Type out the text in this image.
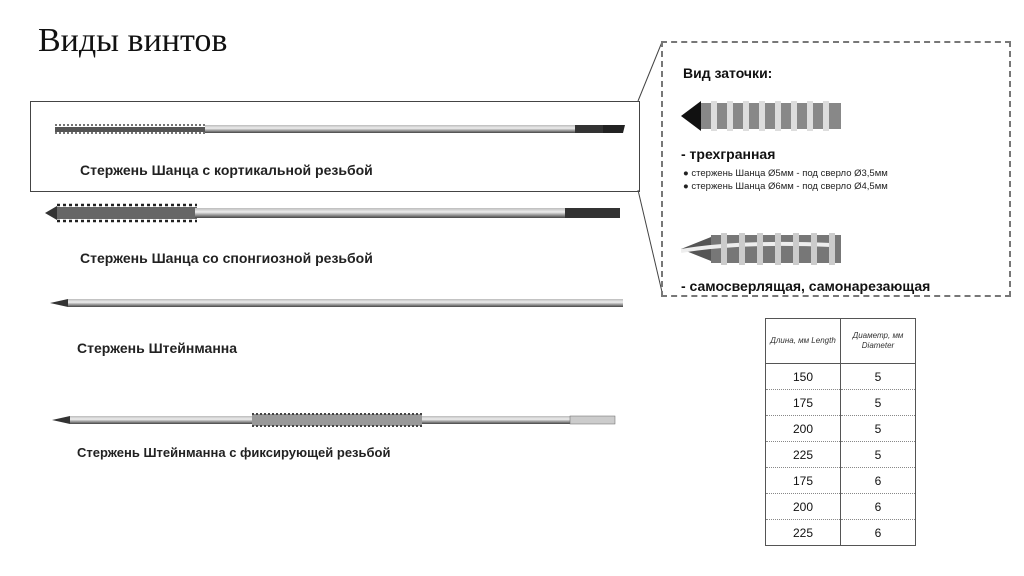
Виды винтов
Стержень Шанца с кортикальной резьбой
Стержень Шанца со спонгиозной резьбой
Стержень Штейнманна
Стержень Штейнманна с фиксирующей резьбой
Вид заточки:
- трехгранная
● стержень Шанца Ø5мм - под сверло Ø3,5мм
● стержень Шанца Ø6мм - под сверло Ø4,5мм
- самосверлящая, самонарезающая
Длина, мм Length	Диаметр, мм Diameter
150	5
175	5
200	5
225	5
175	6
200	6
225	6
